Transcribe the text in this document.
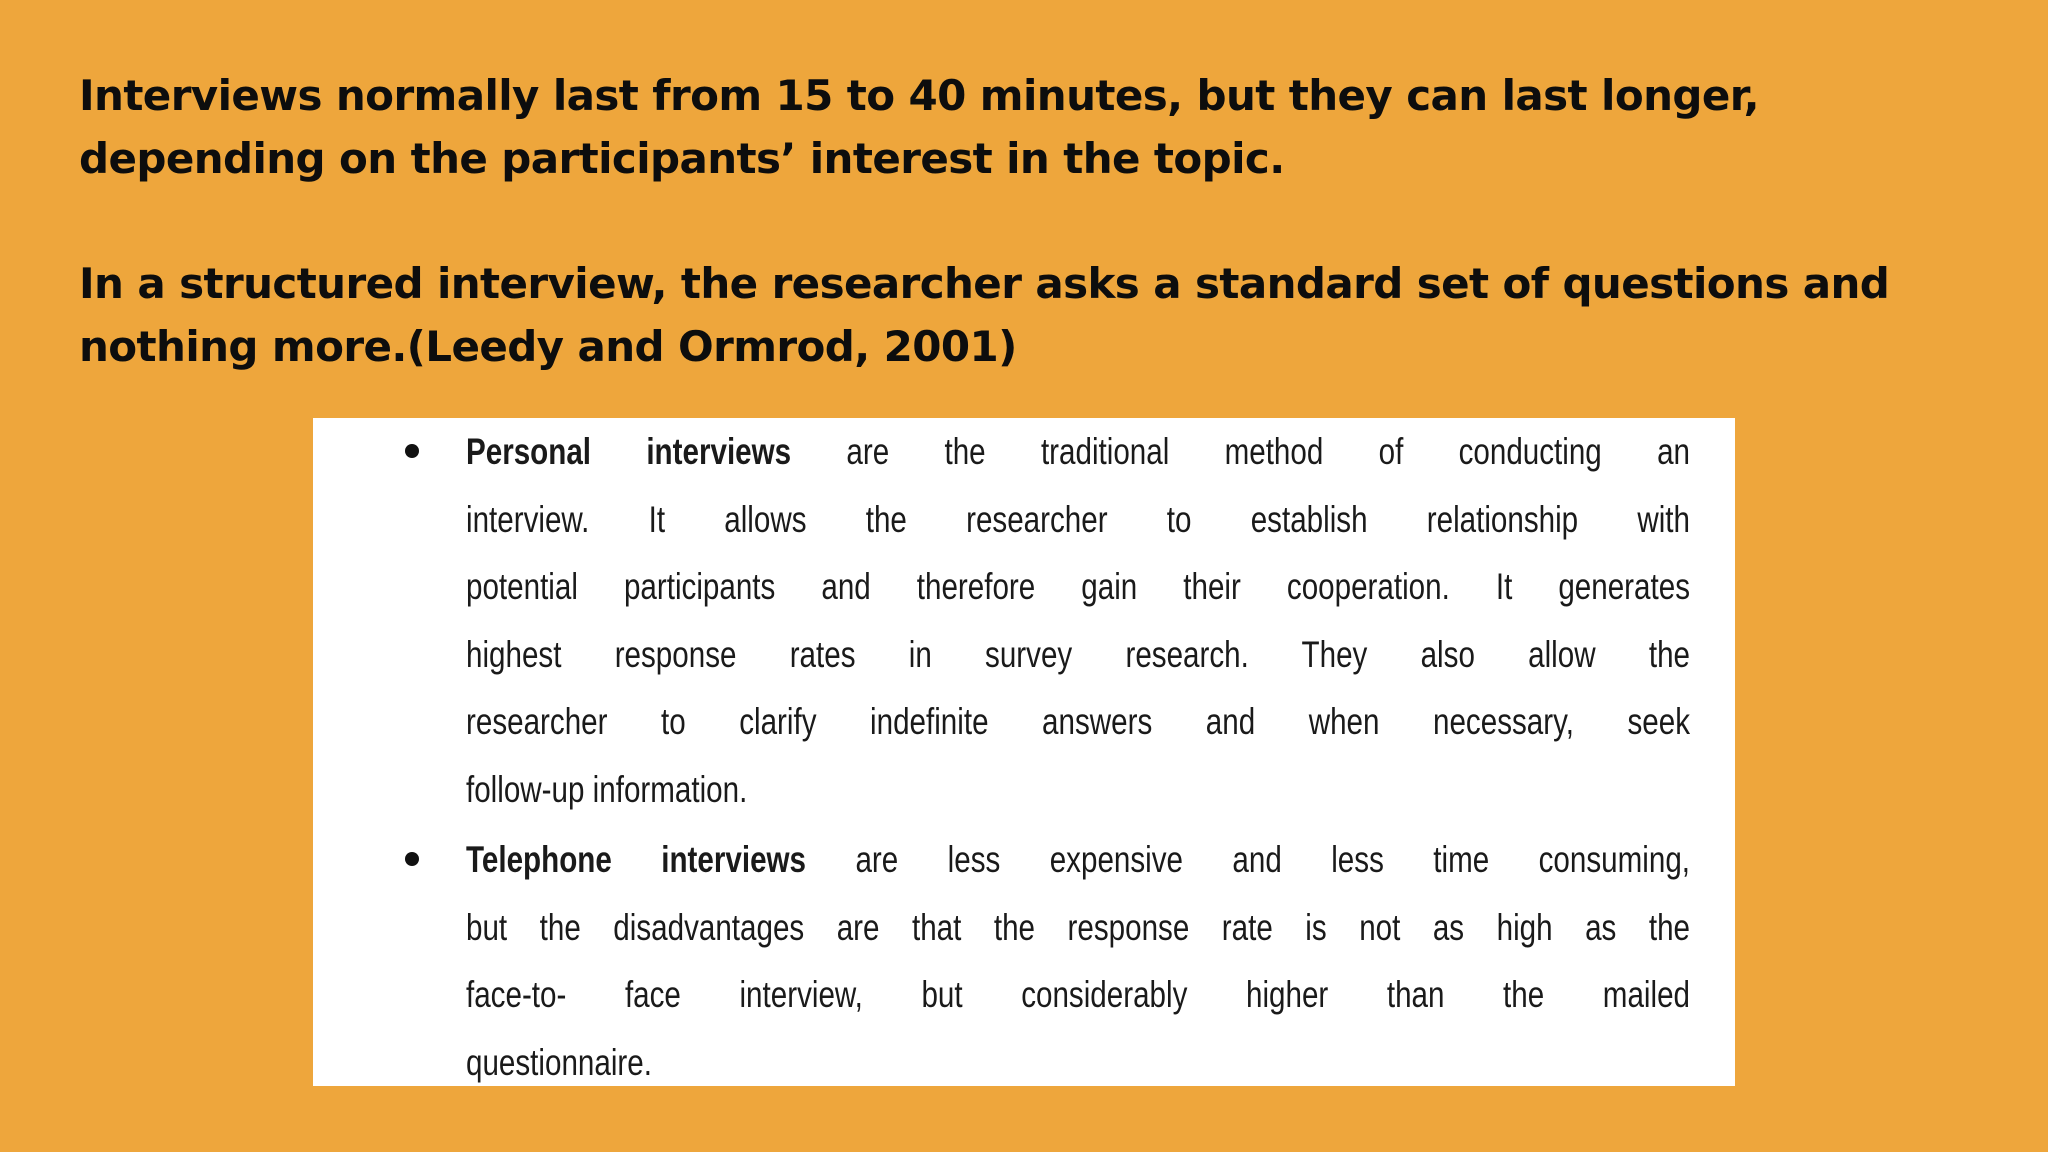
Interviews normally last from 15 to 40 minutes, but they can last longer,
depending on the participants’ interest in the topic.

In a structured interview, the researcher asks a standard set of questions and
nothing more.(Leedy and Ormrod, 2001)

Personal interviews are the traditional method of conducting an
interview. It allows the researcher to establish relationship with
potential participants and therefore gain their cooperation. It generates
highest response rates in survey research. They also allow the
researcher to clarify indefinite answers and when necessary, seek
follow-up information.
Telephone interviews are less expensive and less time consuming,
but the disadvantages are that the response rate is not as high as the
face-to- face interview, but considerably higher than the mailed
questionnaire.
